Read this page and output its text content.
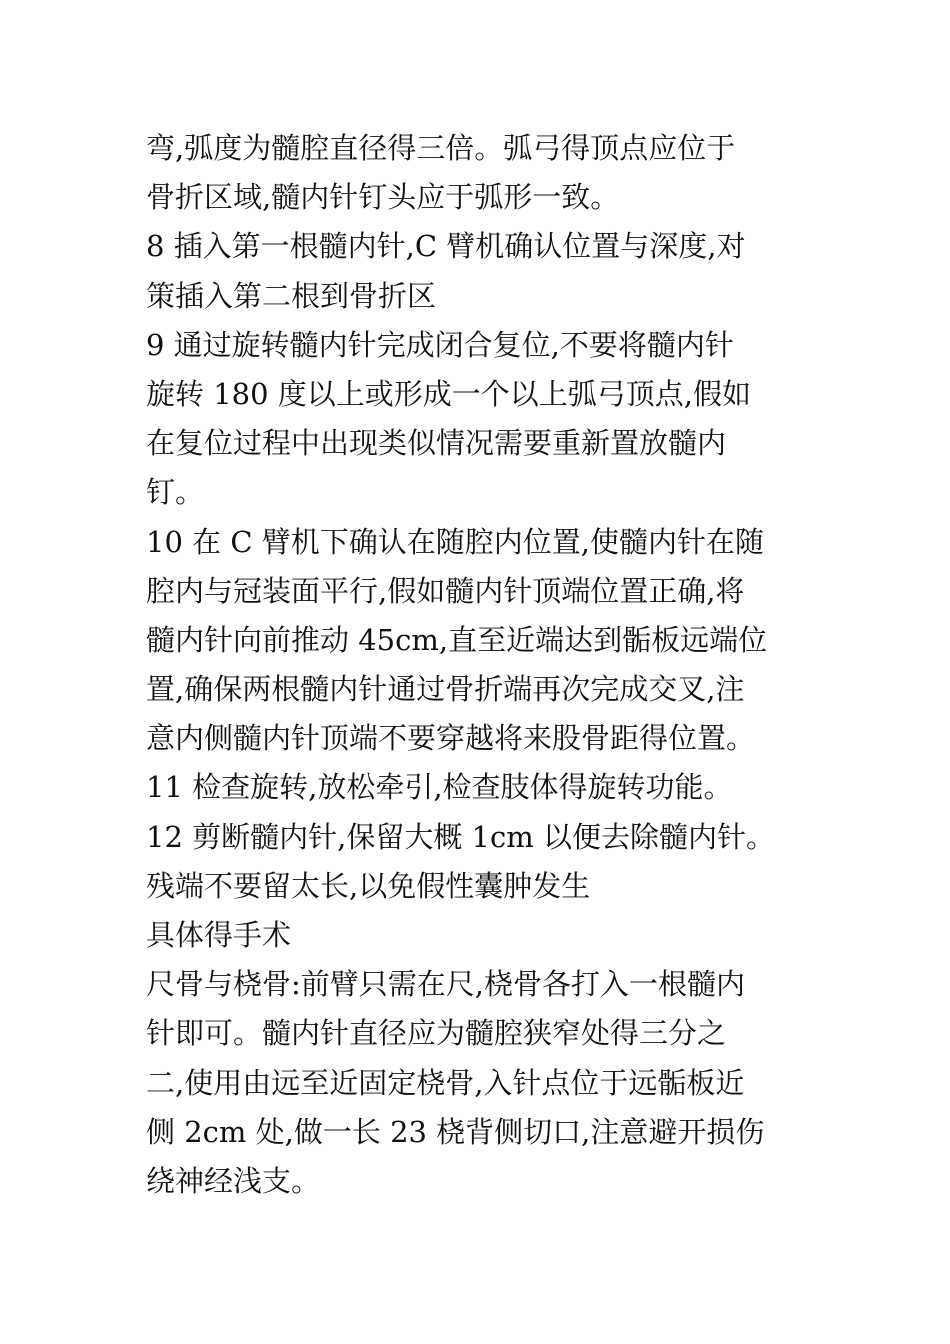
弯,弧度为髓腔直径得三倍。弧弓得顶点应位于
骨折区域,髓内针钉头应于弧形一致。
8 插入第一根髓内针,C 臂机确认位置与深度,对
策插入第二根到骨折区
9 通过旋转髓内针完成闭合复位,不要将髓内针
旋转 180 度以上或形成一个以上弧弓顶点,假如
在复位过程中出现类似情况需要重新置放髓内
钉。
10 在 C 臂机下确认在随腔内位置,使髓内针在随
腔内与冠装面平行,假如髓内针顶端位置正确,将
髓内针向前推动 45cm,直至近端达到骺板远端位
置,确保两根髓内针通过骨折端再次完成交叉,注
意内侧髓内针顶端不要穿越将来股骨距得位置。
11 检查旋转,放松牵引,检查肢体得旋转功能。
12 剪断髓内针,保留大概 1cm 以便去除髓内针。
残端不要留太长,以免假性囊肿发生
具体得手术
尺骨与桡骨:前臂只需在尺,桡骨各打入一根髓内
针即可。髓内针直径应为髓腔狭窄处得三分之
二,使用由远至近固定桡骨,入针点位于远骺板近
侧 2cm 处,做一长 23 桡背侧切口,注意避开损伤
绕神经浅支。
